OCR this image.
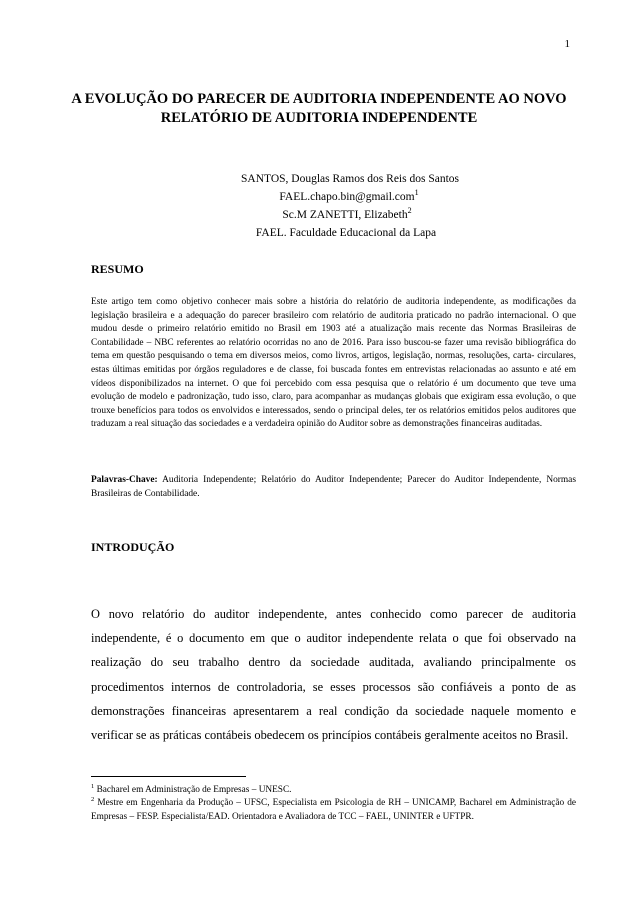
1
A EVOLUÇÃO DO PARECER DE AUDITORIA INDEPENDENTE AO NOVO RELATÓRIO DE AUDITORIA INDEPENDENTE
SANTOS, Douglas Ramos dos Reis dos Santos
FAEL.chapo.bin@gmail.com$^1$
Sc.M ZANETTI, Elizabeth$^2$
FAEL. Faculdade Educacional da Lapa
RESUMO
Este artigo tem como objetivo conhecer mais sobre a história do relatório de auditoria independente, as modificações da legislação brasileira e a adequação do parecer brasileiro com relatório de auditoria praticado no padrão internacional. O que mudou desde o primeiro relatório emitido no Brasil em 1903 até a atualização mais recente das Normas Brasileiras de Contabilidade – NBC referentes ao relatório ocorridas no ano de 2016. Para isso buscou-se fazer uma revisão bibliográfica do tema em questão pesquisando o tema em diversos meios, como livros, artigos, legislação, normas, resoluções, carta- circulares, estas últimas emitidas por órgãos reguladores e de classe, foi buscada fontes em entrevistas relacionadas ao assunto e até em vídeos disponibilizados na internet. O que foi percebido com essa pesquisa que o relatório é um documento que teve uma evolução de modelo e padronização, tudo isso, claro, para acompanhar as mudanças globais que exigiram essa evolução, o que trouxe benefícios para todos os envolvidos e interessados, sendo o principal deles, ter os relatórios emitidos pelos auditores que traduzam a real situação das sociedades e a verdadeira opinião do Auditor sobre as demonstrações financeiras auditadas.
Palavras-Chave: Auditoria Independente; Relatório do Auditor Independente; Parecer do Auditor Independente, Normas Brasileiras de Contabilidade.
INTRODUÇÃO
O novo relatório do auditor independente, antes conhecido como parecer de auditoria independente, é o documento em que o auditor independente relata o que foi observado na realização do seu trabalho dentro da sociedade auditada, avaliando principalmente os procedimentos internos de controladoria, se esses processos são confiáveis a ponto de as demonstrações financeiras apresentarem a real condição da sociedade naquele momento e verificar se as práticas contábeis obedecem os princípios contábeis geralmente aceitos no Brasil.
$^1$ Bacharel em Administração de Empresas – UNESC.
$^2$ Mestre em Engenharia da Produção – UFSC, Especialista em Psicologia de RH – UNICAMP, Bacharel em Administração de Empresas – FESP. Especialista/EAD. Orientadora e Avaliadora de TCC – FAEL, UNINTER e UFTPR.
